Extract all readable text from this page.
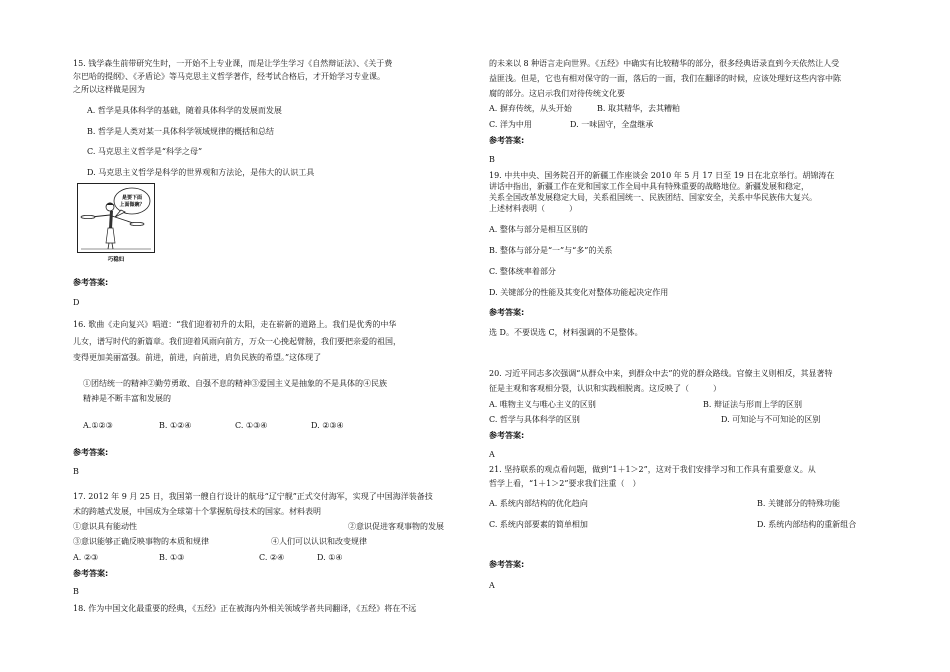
15. 钱学森生前带研究生时，一开始不上专业课，而是让学生学习《自然辩证法》、《关于费
尔巴哈的提纲》、《矛盾论》等马克思主义哲学著作，经考试合格后，才开始学习专业课。
之所以这样做是因为
A. 哲学是具体科学的基础，随着具体科学的发展而发展
B. 哲学是人类对某一具体科学领域规律的概括和总结
C. 马克思主义哲学是“科学之母”
D. 马克思主义哲学是科学的世界观和方法论，是伟大的认识工具
是要下面
上面做碗？
巧稳妇
参考答案:
D
16. 歌曲《走向复兴》唱道：“我们迎着初升的太阳，走在崭新的道路上。我们是优秀的中华
儿女，谱写时代的新篇章。我们迎着风雨向前方，万众一心挽起臂膀，我们要把亲爱的祖国，
变得更加美丽富强。前进，前进，向前进，肩负民族的希望。”这体现了
①团结统一的精神②勤劳勇敢、自强不息的精神③爱国主义是抽象的不是具体的④民族
精神是不断丰富和发展的
A.①②③	B. ①②④	C. ①③④	D. ②③④
参考答案:
B
17. 2012 年 9 月 25 日，我国第一艘自行设计的航母“辽宁舰”正式交付海军，实现了中国海洋装备技
术的跨越式发展，中国成为全球第十个掌握航母技术的国家。材料表明
①意识具有能动性	②意识促进客观事物的发展
③意识能够正确反映事物的本质和规律	④人们可以认识和改变规律
A. ②③	B. ①③	C. ②④	D. ①④
参考答案:
B
18. 作为中国文化最重要的经典，《五经》正在被海内外相关领域学者共同翻译，《五经》将在不远
的未来以 8 种语言走向世界。《五经》中确实有比较精华的部分，很多经典语录直到今天依然让人受
益匪浅。但是，它也有相对保守的一面，落后的一面，我们在翻译的时候，应该处理好这些内容中陈
腐的部分。这启示我们对待传统文化要
A. 摒弃传统，从头开始	B. 取其精华，去其糟粕
C. 洋为中用	D. 一味固守，全盘继承
参考答案:
B
19. 中共中央、国务院召开的新疆工作座谈会 2010 年 5 月 17 日至 19 日在北京举行。胡锦涛在
讲话中指出，新疆工作在党和国家工作全局中具有特殊重要的战略地位。新疆发展和稳定，
关系全国改革发展稳定大局，关系祖国统一、民族团结、国家安全，关系中华民族伟大复兴。
上述材料表明（　　　）
A. 整体与部分是相互区别的
B. 整体与部分是“一”与“多”的关系
C. 整体统率着部分
D. 关键部分的性能及其变化对整体功能起决定作用
参考答案:
选 D。不要误选 C，材料强调的不是整体。
20. 习近平同志多次强调“从群众中来，到群众中去”的党的群众路线。官僚主义则相反，其显著特
征是主观和客观相分裂，认识和实践相脱离。这反映了（　　　）
A. 唯物主义与唯心主义的区别	B. 辩证法与形而上学的区别
C. 哲学与具体科学的区别	D. 可知论与不可知论的区别
参考答案:
A
21. 坚持联系的观点看问题，做到“1＋1＞2”，这对于我们安排学习和工作具有重要意义。从
哲学上看，“1＋1＞2”要求我们注重（　）
A. 系统内部结构的优化趋向	B. 关键部分的特殊功能
C. 系统内部要素的简单相加	D. 系统内部结构的重新组合
参考答案:
A
